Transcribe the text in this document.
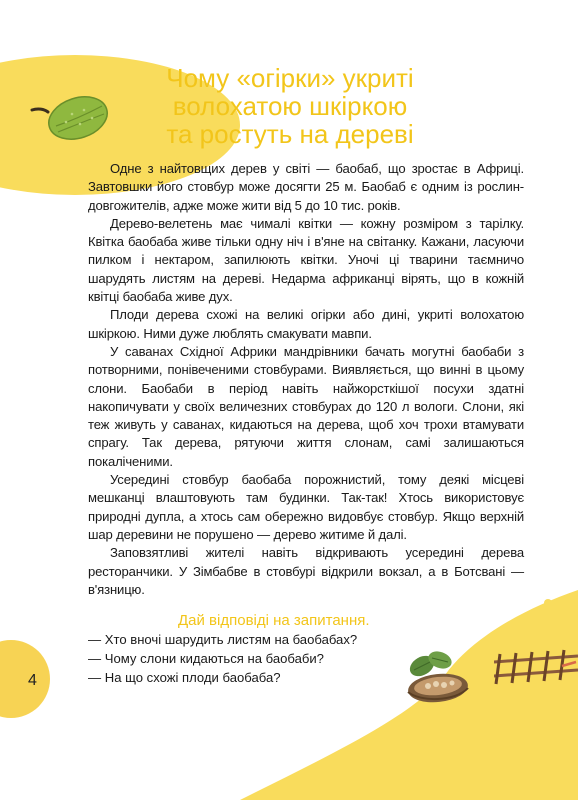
4
Чому «огірки» укриті
волохатою шкіркою
та ростуть на дереві

Одне з найтовщих дерев у світі — баобаб, що зростає в Африці. Завтовшки його стовбур може досягти 25 м. Баобаб є одним із рослин-довгожителів, адже може жити від 5 до 10 тис. років.

Дерево-велетень має чималі квітки — кожну розміром з тарілку. Квітка баобаба живе тільки одну ніч і в'яне на світанку. Кажани, ласуючи пилком і нектаром, запилюють квітки. Уночі ці тварини таємничо шарудять листям на дереві. Недарма африканці вірять, що в кожній квітці баобаба живе дух.

Плоди дерева схожі на великі огірки або дині, укриті волохатою шкіркою. Ними дуже люблять смакувати мавпи.

У саванах Східної Африки мандрівники бачать могутні баобаби з потворними, понівеченими стовбурами. Виявляється, що винні в цьому слони. Баобаби в період навіть найжорсткішої посухи здатні накопичувати у своїх величезних стовбурах до 120 л вологи. Слони, які теж живуть у саванах, кидаються на дерева, щоб хоч трохи втамувати спрагу. Так дерева, рятуючи життя слонам, самі залишаються покаліченими.

Усередині стовбур баобаба порожнистий, тому деякі місцеві мешканці влаштовують там будинки. Так-так! Хтось використовує природні дупла, а хтось сам обережно видовбує стовбур. Якщо верхній шар деревини не порушено — дерево житиме й далі.

Заповзятливі жителі навіть відкривають усередині дерева ресторанчики. У Зімбабве в стовбурі відкрили вокзал, а в Ботсвані — в'язницю.

Дай відповіді на запитання.
— Хто вночі шарудить листям на баобабах?
— Чому слони кидаються на баобаби?
— На що схожі плоди баобаба?
